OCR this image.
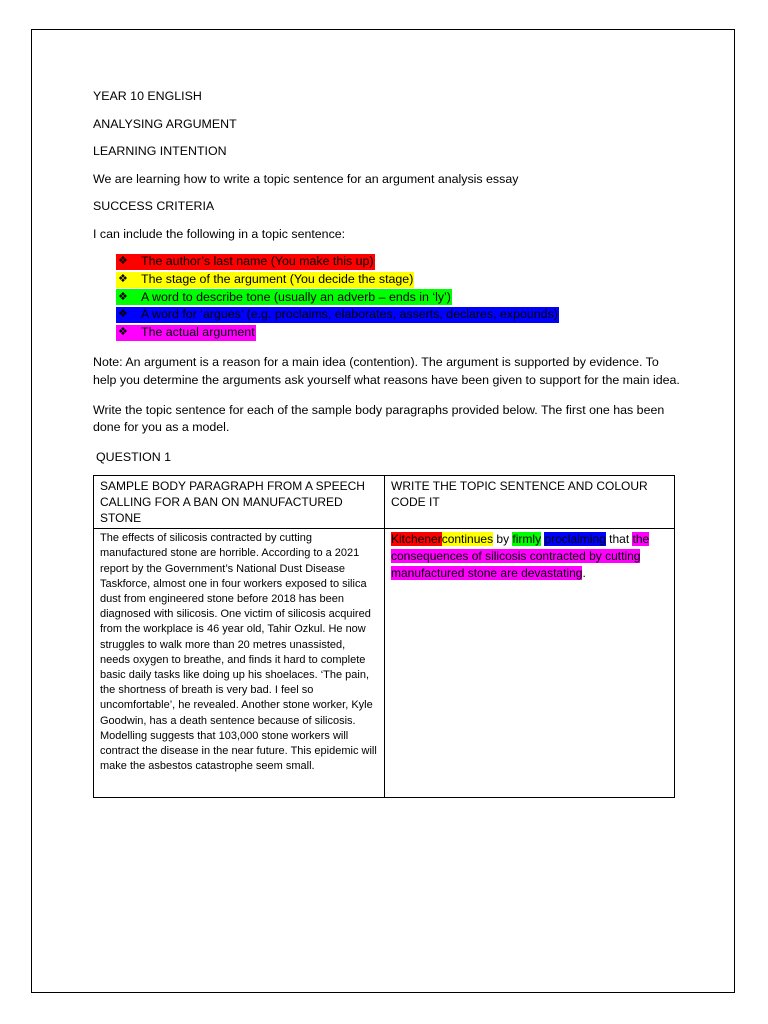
YEAR 10 ENGLISH

ANALYSING ARGUMENT

LEARNING INTENTION

We are learning how to write a topic sentence for an argument analysis essay

SUCCESS CRITERIA

I can include the following in a topic sentence:

❖	The author’s last name (You make this up)
❖	The stage of the argument (You decide the stage)
❖	A word to describe tone (usually an adverb – ends in ‘ly’)
❖	A word for ‘argues’ (e.g. proclaims, elaborates, asserts, declares, expounds)
❖	The actual argument

Note: An argument is a reason for a main idea (contention). The argument is supported by evidence. To help you determine the arguments ask yourself what reasons have been given to support for the main idea.

Write the topic sentence for each of the sample body paragraphs provided below. The first one has been done for you as a model.

QUESTION 1

SAMPLE BODY PARAGRAPH FROM A SPEECH CALLING FOR A BAN ON MANUFACTURED STONE	WRITE THE TOPIC SENTENCE AND COLOUR CODE IT

The effects of silicosis contracted by cutting manufactured stone are horrible. According to a 2021 report by the Government’s National Dust Disease Taskforce, almost one in four workers exposed to silica dust from engineered stone before 2018 has been diagnosed with silicosis. One victim of silicosis acquired from the workplace is 46 year old, Tahir Ozkul. He now struggles to walk more than 20 metres unassisted, needs oxygen to breathe, and finds it hard to complete basic daily tasks like doing up his shoelaces. ‘The pain, the shortness of breath is very bad. I feel so uncomfortable’, he revealed. Another stone worker, Kyle Goodwin, has a death sentence because of silicosis. Modelling suggests that 103,000 stone workers will contract the disease in the near future. This epidemic will make the asbestos catastrophe seem small.	Kitchenercontinues by firmly proclaiming that the consequences of silicosis contracted by cutting manufactured stone are devastating.
